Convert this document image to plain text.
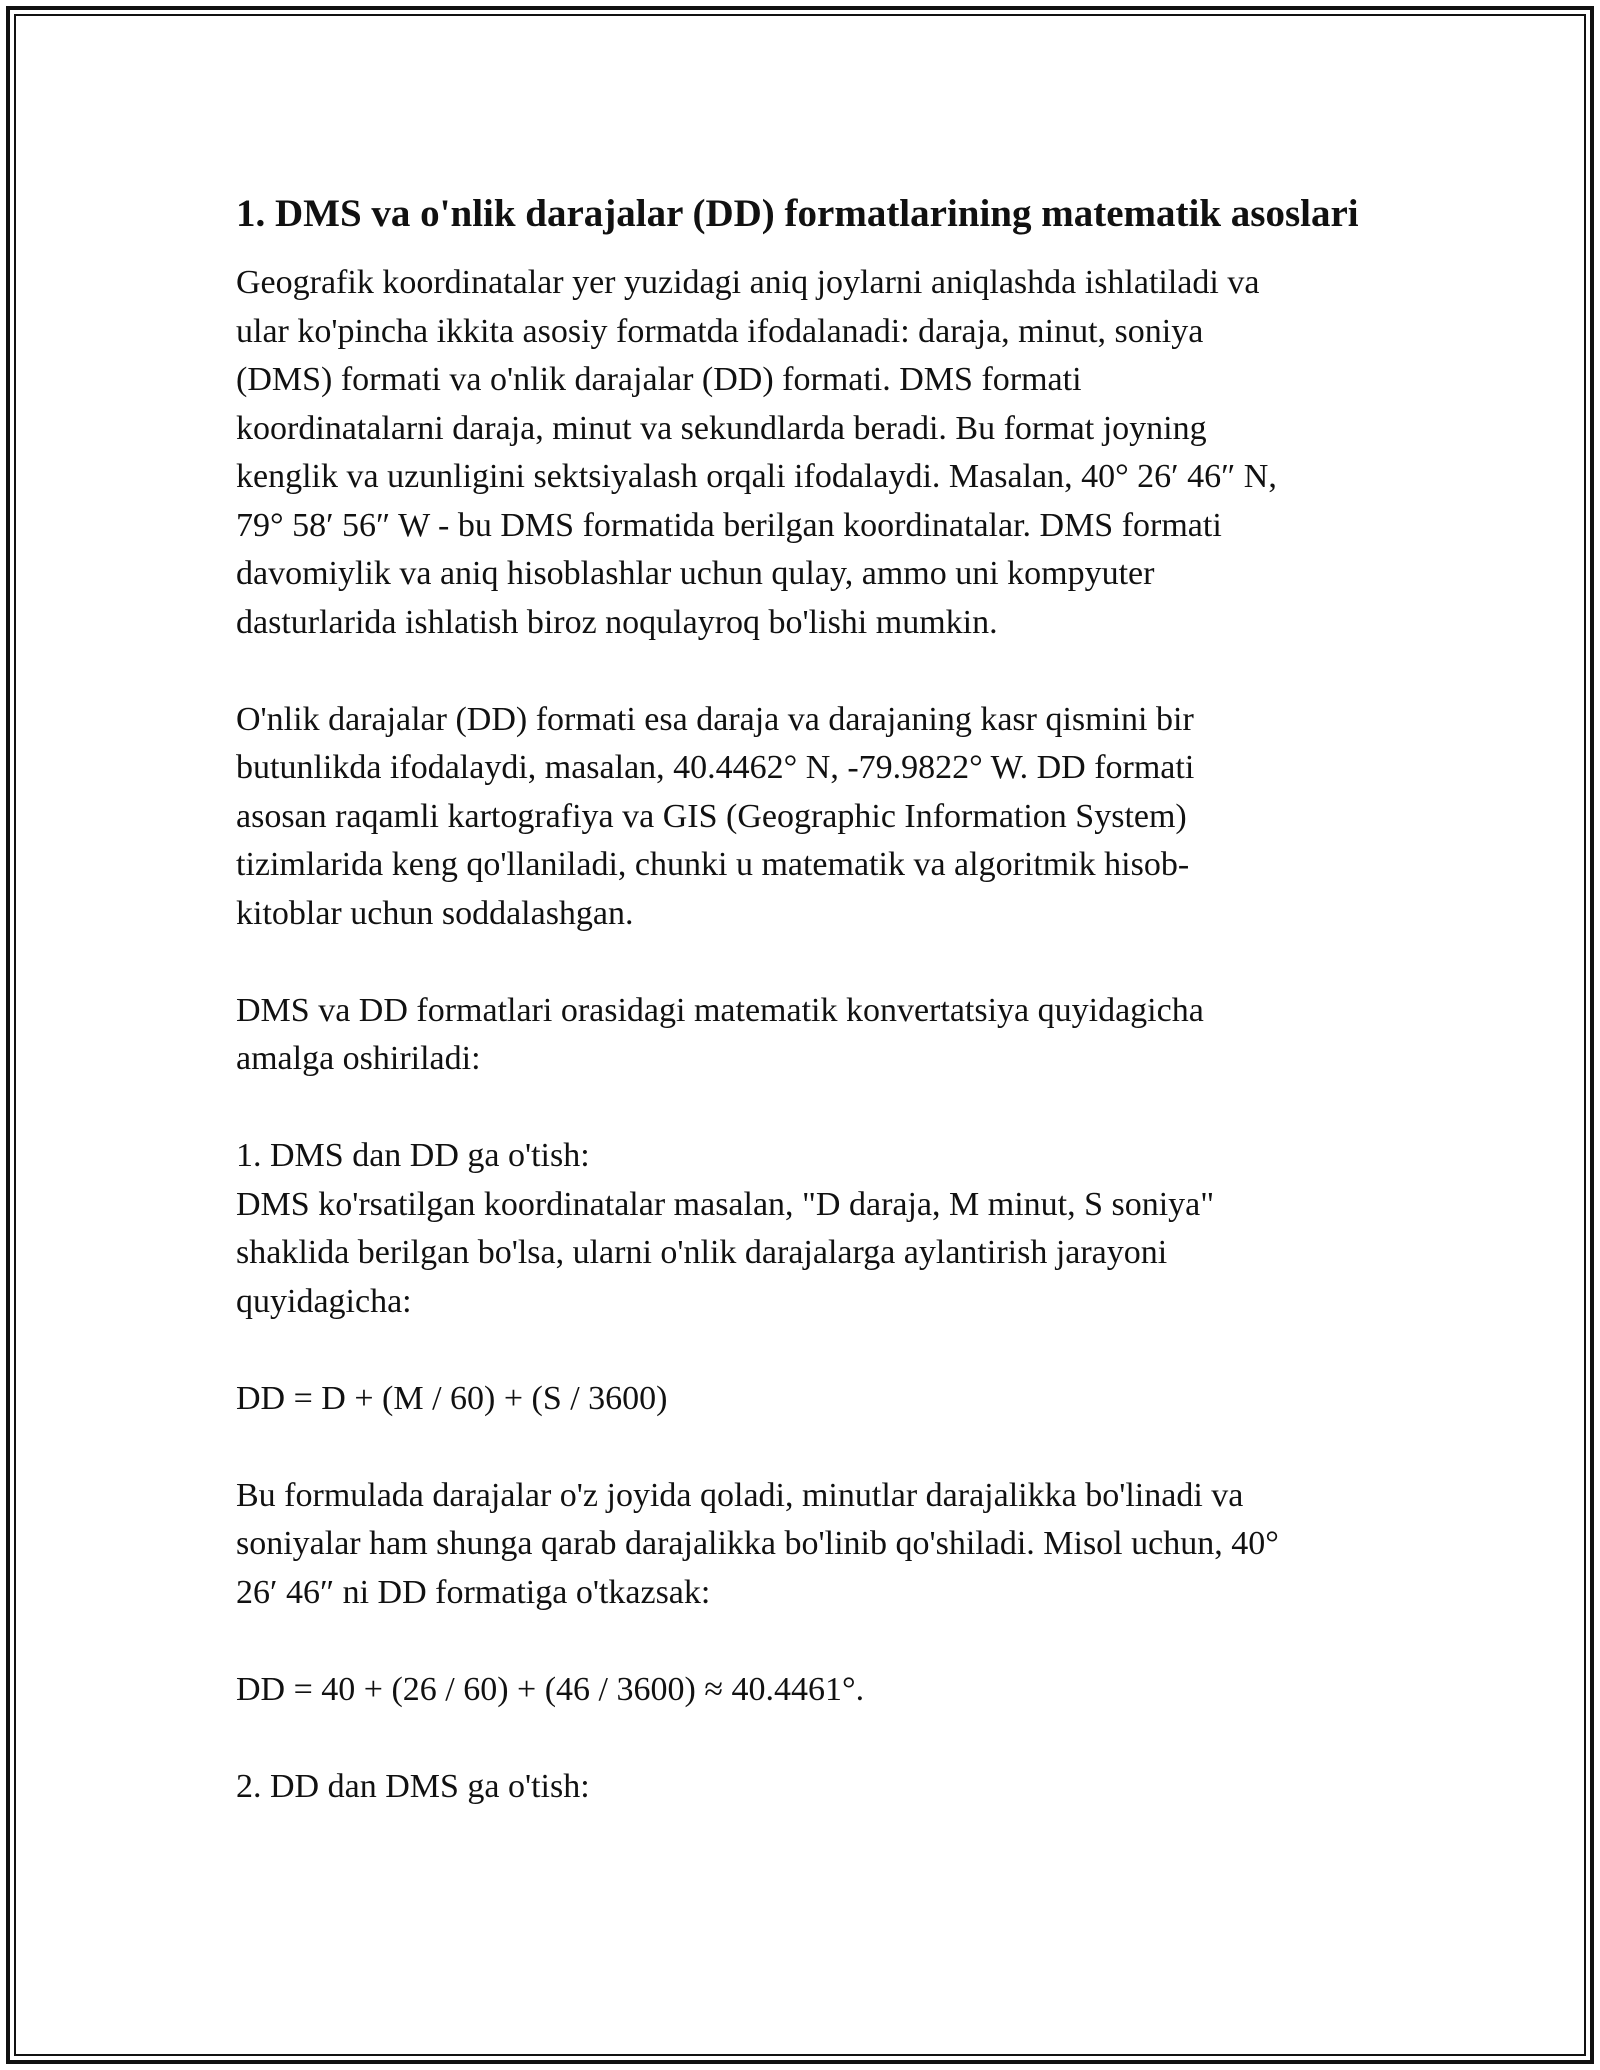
1. DMS va o'nlik darajalar (DD) formatlarining matematik asoslari

Geografik koordinatalar yer yuzidagi aniq joylarni aniqlashda ishlatiladi va
ular ko'pincha ikkita asosiy formatda ifodalanadi: daraja, minut, soniya
(DMS) formati va o'nlik darajalar (DD) formati. DMS formati
koordinatalarni daraja, minut va sekundlarda beradi. Bu format joyning
kenglik va uzunligini sektsiyalash orqali ifodalaydi. Masalan, 40° 26′ 46″ N,
79° 58′ 56″ W - bu DMS formatida berilgan koordinatalar. DMS formati
davomiylik va aniq hisoblashlar uchun qulay, ammo uni kompyuter
dasturlarida ishlatish biroz noqulayroq bo'lishi mumkin.

O'nlik darajalar (DD) formati esa daraja va darajaning kasr qismini bir
butunlikda ifodalaydi, masalan, 40.4462° N, -79.9822° W. DD formati
asosan raqamli kartografiya va GIS (Geographic Information System)
tizimlarida keng qo'llaniladi, chunki u matematik va algoritmik hisob-
kitoblar uchun soddalashgan.

DMS va DD formatlari orasidagi matematik konvertatsiya quyidagicha
amalga oshiriladi:

1. DMS dan DD ga o'tish:
DMS ko'rsatilgan koordinatalar masalan, "D daraja, M minut, S soniya"
shaklida berilgan bo'lsa, ularni o'nlik darajalarga aylantirish jarayoni
quyidagicha:

DD = D + (M / 60) + (S / 3600)

Bu formulada darajalar o'z joyida qoladi, minutlar darajalikka bo'linadi va
soniyalar ham shunga qarab darajalikka bo'linib qo'shiladi. Misol uchun, 40°
26′ 46″ ni DD formatiga o'tkazsak:

DD = 40 + (26 / 60) + (46 / 3600) ≈ 40.4461°.

2. DD dan DMS ga o'tish:
